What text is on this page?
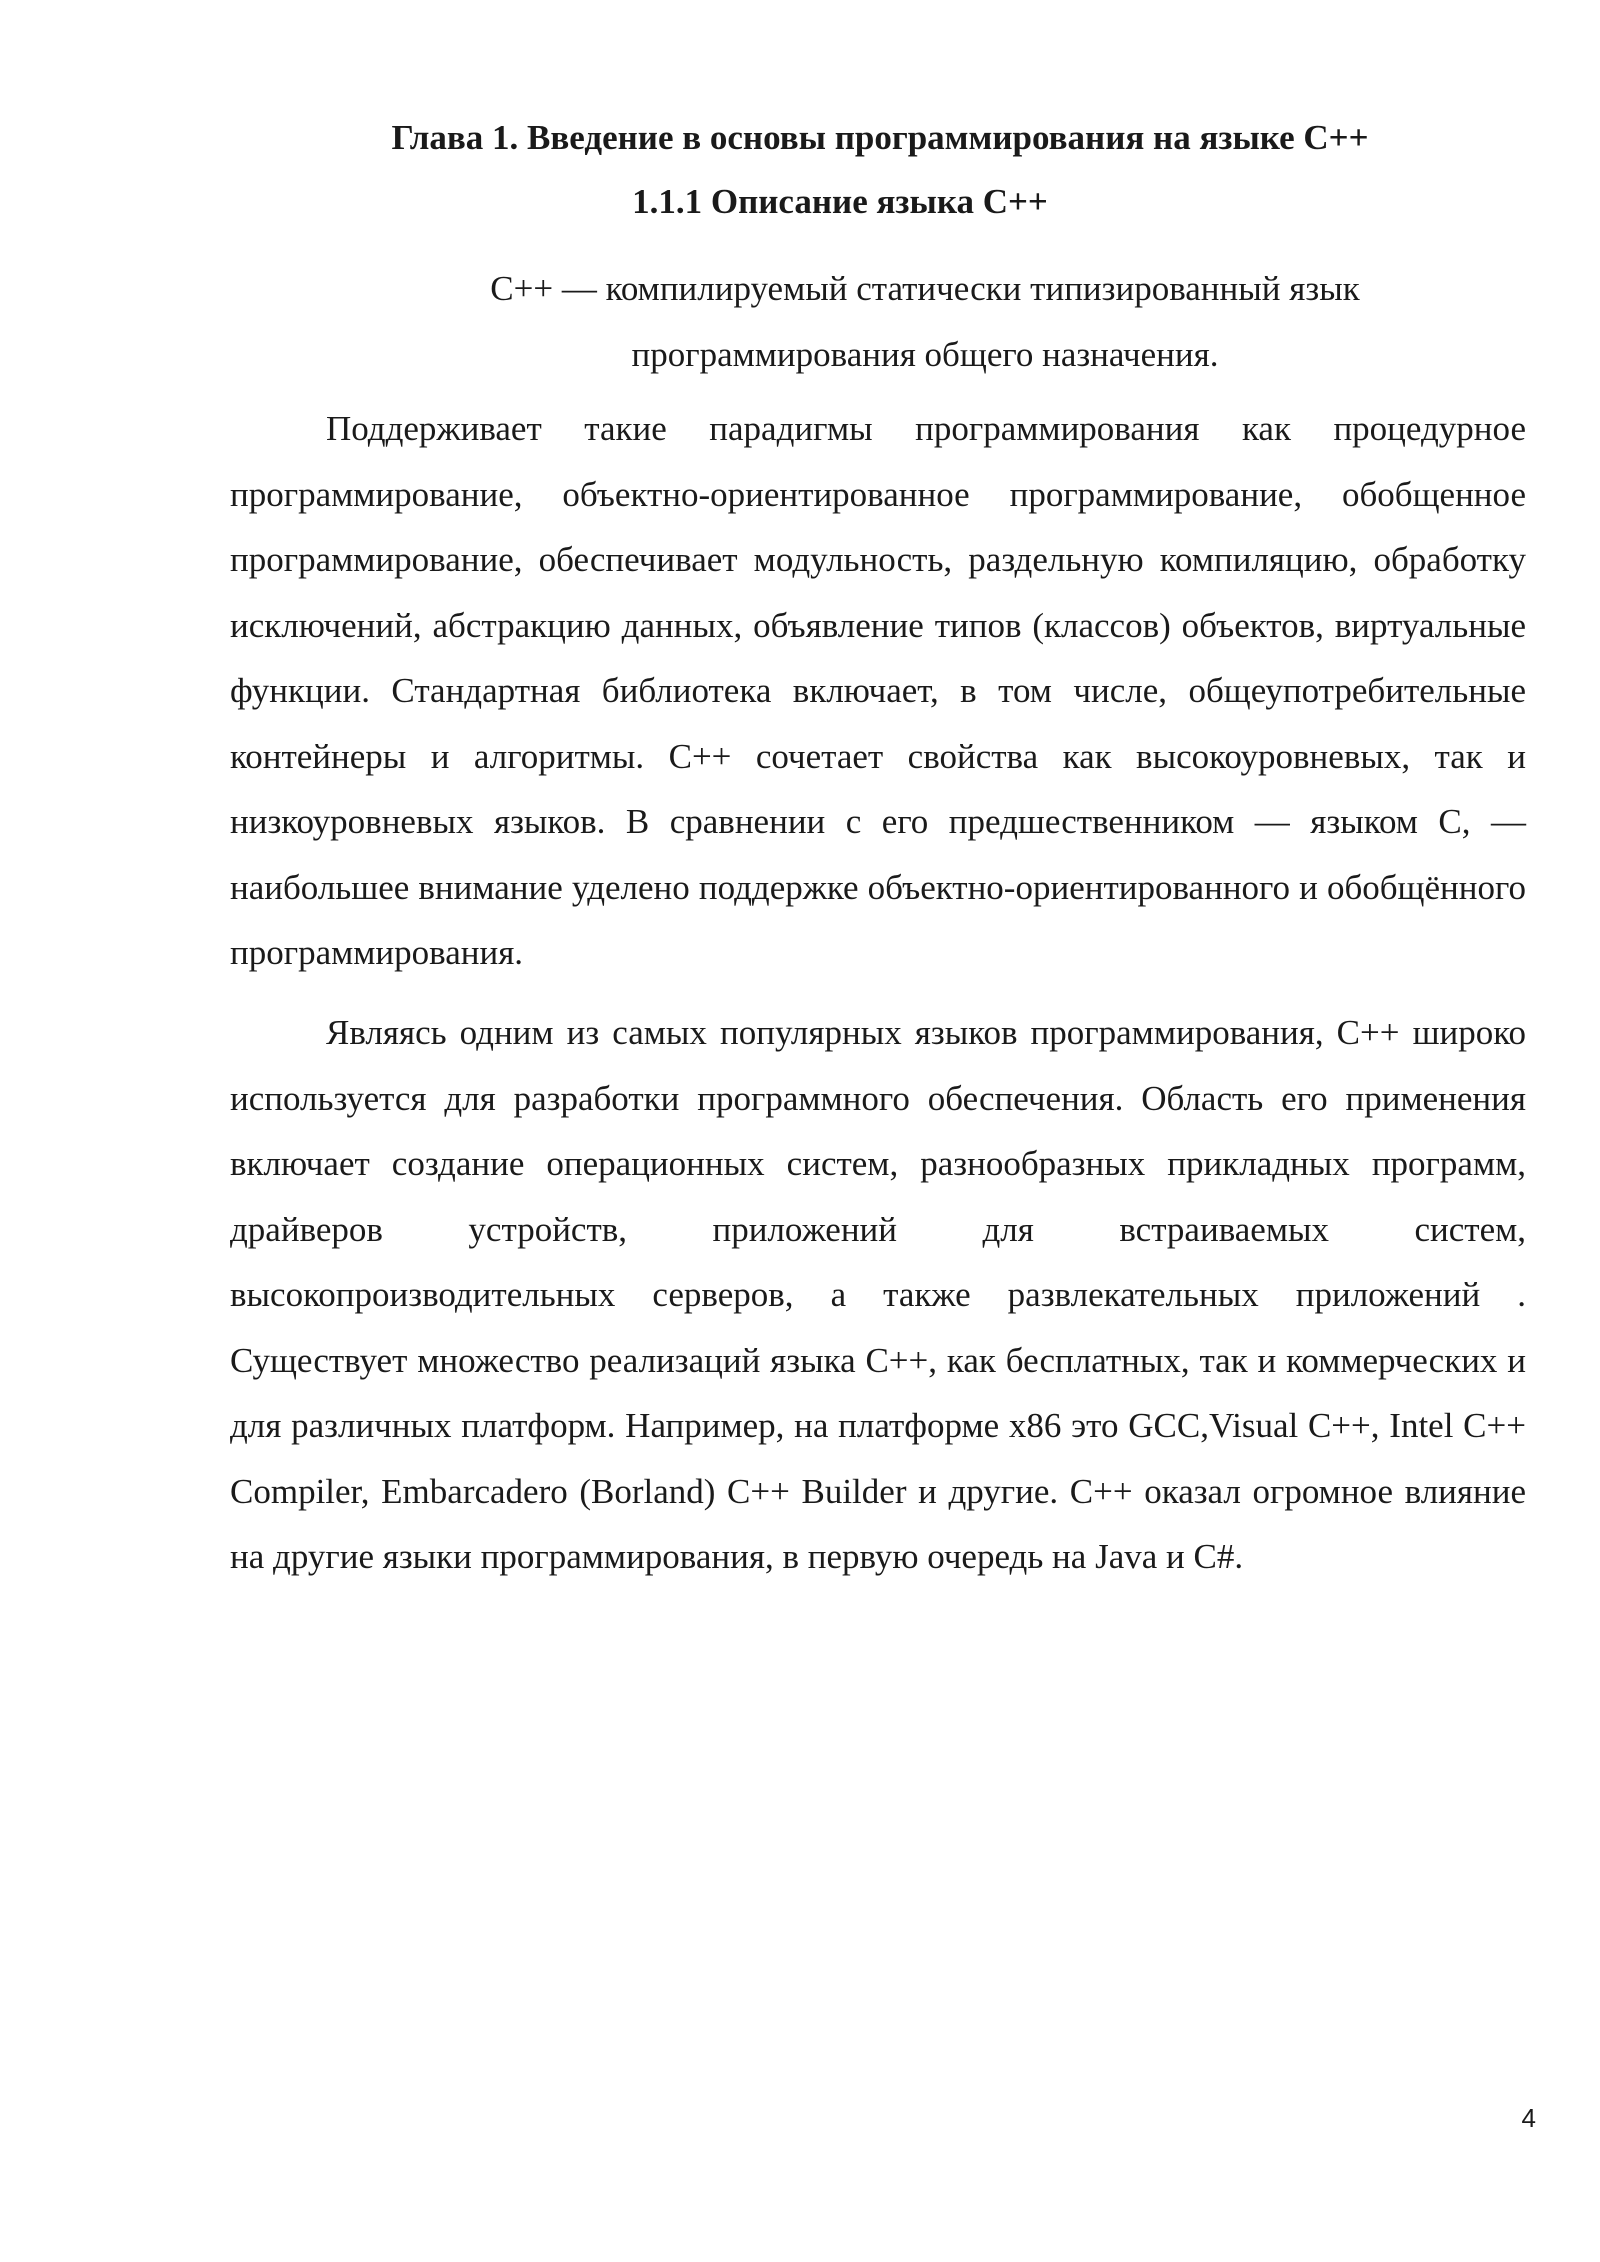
Глава 1. Введение в основы программирования на языке С++
1.1.1 Описание языка С++
C++ — компилируемый статически типизированный язык
программирования общего назначения.

Поддерживает такие парадигмы программирования как процедурное программирование, объектно-ориентированное программирование, обобщенное программирование, обеспечивает модульность, раздельную компиляцию, обработку исключений, абстракцию данных, объявление типов (классов) объектов, виртуальные функции. Стандартная библиотека включает, в том числе, общеупотребительные контейнеры и алгоритмы. C++ сочетает свойства как высокоуровневых, так и низкоуровневых языков. В сравнении с его предшественником — языком C, — наибольшее внимание уделено поддержке объектно-ориентированного и обобщённого программирования.

Являясь одним из самых популярных языков программирования, C++ широко используется для разработки программного обеспечения. Область его применения включает создание операционных систем, разнообразных прикладных программ, драйверов устройств, приложений для встраиваемых систем, высокопроизводительных серверов, а также развлекательных приложений . Существует множество реализаций языка C++, как бесплатных, так и коммерческих и для различных платформ. Например, на платформе x86 это GCC,Visual C++, Intel C++ Compiler, Embarcadero (Borland) C++ Builder и другие. C++ оказал огромное влияние на другие языки программирования, в первую очередь на Java и C#.

4
